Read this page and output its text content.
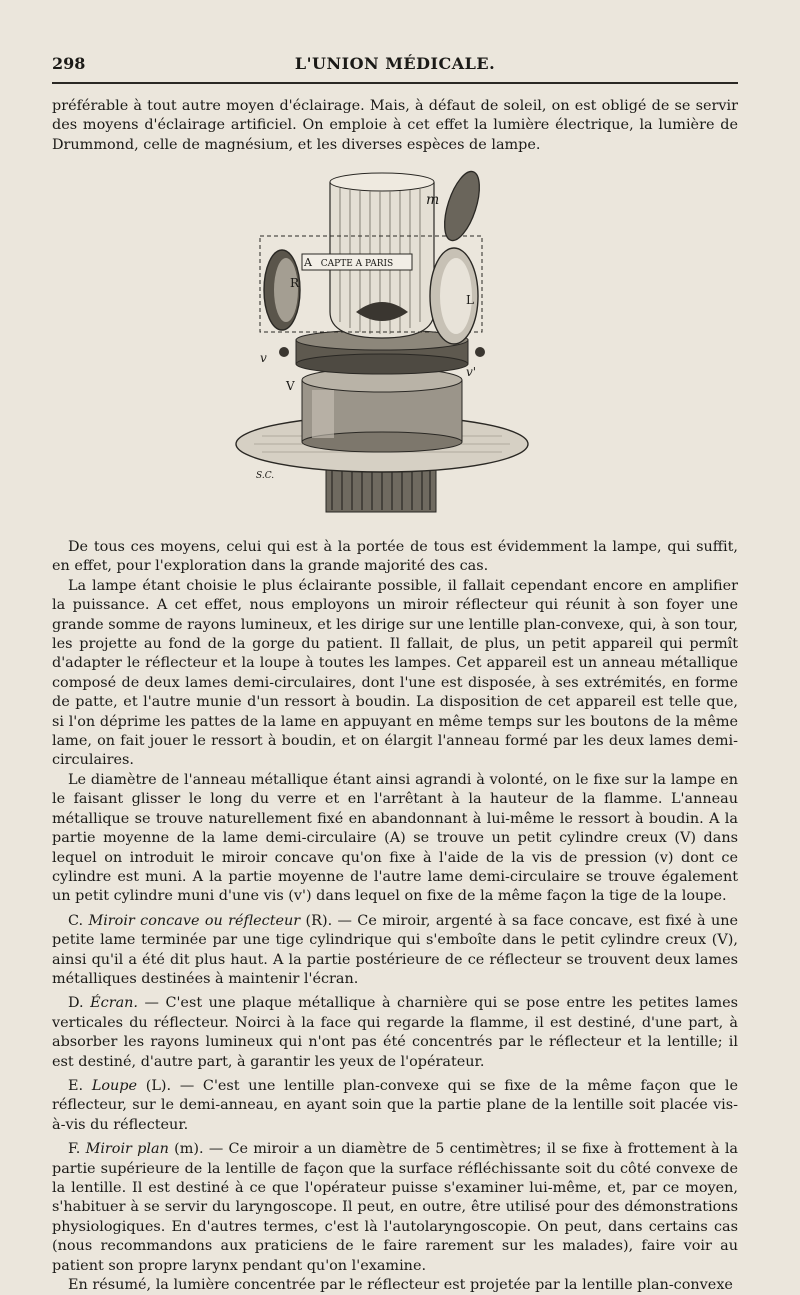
298	L'UNION MÉDICALE.

préférable à tout autre moyen d'éclairage. Mais, à défaut de soleil, on est obligé de se servir des moyens d'éclairage artificiel. On emploie à cet effet la lumière électrique, la lumière de Drummond, celle de magnésium, et les diverses espèces de lampe.

CAPTE A PARIS
A
R
L
m
v
V
v'
S.C.

De tous ces moyens, celui qui est à la portée de tous est évidemment la lampe, qui suffit, en effet, pour l'exploration dans la grande majorité des cas.

La lampe étant choisie le plus éclairante possible, il fallait cependant encore en amplifier la puissance. A cet effet, nous employons un miroir réflecteur qui réunit à son foyer une grande somme de rayons lumineux, et les dirige sur une lentille plan-convexe, qui, à son tour, les projette au fond de la gorge du patient. Il fallait, de plus, un petit appareil qui permît d'adapter le réflecteur et la loupe à toutes les lampes. Cet appareil est un anneau métallique composé de deux lames demi-circulaires, dont l'une est disposée, à ses extrémités, en forme de patte, et l'autre munie d'un ressort à boudin. La disposition de cet appareil est telle que, si l'on déprime les pattes de la lame en appuyant en même temps sur les boutons de la même lame, on fait jouer le ressort à boudin, et on élargit l'anneau formé par les deux lames demi-circulaires.

Le diamètre de l'anneau métallique étant ainsi agrandi à volonté, on le fixe sur la lampe en le faisant glisser le long du verre et en l'arrêtant à la hauteur de la flamme. L'anneau métallique se trouve naturellement fixé en abandonnant à lui-même le ressort à boudin. A la partie moyenne de la lame demi-circulaire (A) se trouve un petit cylindre creux (V) dans lequel on introduit le miroir concave qu'on fixe à l'aide de la vis de pression (v) dont ce cylindre est muni. A la partie moyenne de l'autre lame demi-circulaire se trouve également un petit cylindre muni d'une vis (v') dans lequel on fixe de la même façon la tige de la loupe.

C. Miroir concave ou réflecteur (R). — Ce miroir, argenté à sa face concave, est fixé à une petite lame terminée par une tige cylindrique qui s'emboîte dans le petit cylindre creux (V), ainsi qu'il a été dit plus haut. A la partie postérieure de ce réflecteur se trouvent deux lames métalliques destinées à maintenir l'écran.

D. Écran. — C'est une plaque métallique à charnière qui se pose entre les petites lames verticales du réflecteur. Noirci à la face qui regarde la flamme, il est destiné, d'une part, à absorber les rayons lumineux qui n'ont pas été concentrés par le réflecteur et la lentille; il est destiné, d'autre part, à garantir les yeux de l'opérateur.

E. Loupe (L). — C'est une lentille plan-convexe qui se fixe de la même façon que le réflecteur, sur le demi-anneau, en ayant soin que la partie plane de la lentille soit placée vis-à-vis du réflecteur.

F. Miroir plan (m). — Ce miroir a un diamètre de 5 centimètres; il se fixe à frottement à la partie supérieure de la lentille de façon que la surface réfléchissante soit du côté convexe de la lentille. Il est destiné à ce que l'opérateur puisse s'examiner lui-même, et, par ce moyen, s'habituer à se servir du laryngoscope. Il peut, en outre, être utilisé pour des démonstrations physiologiques. En d'autres termes, c'est là l'autolaryngoscopie. On peut, dans certains cas (nous recommandons aux praticiens de le faire rarement sur les malades), faire voir au patient son propre larynx pendant qu'on l'examine.

En résumé, la lumière concentrée par le réflecteur est projetée par la lentille plan-convexe
